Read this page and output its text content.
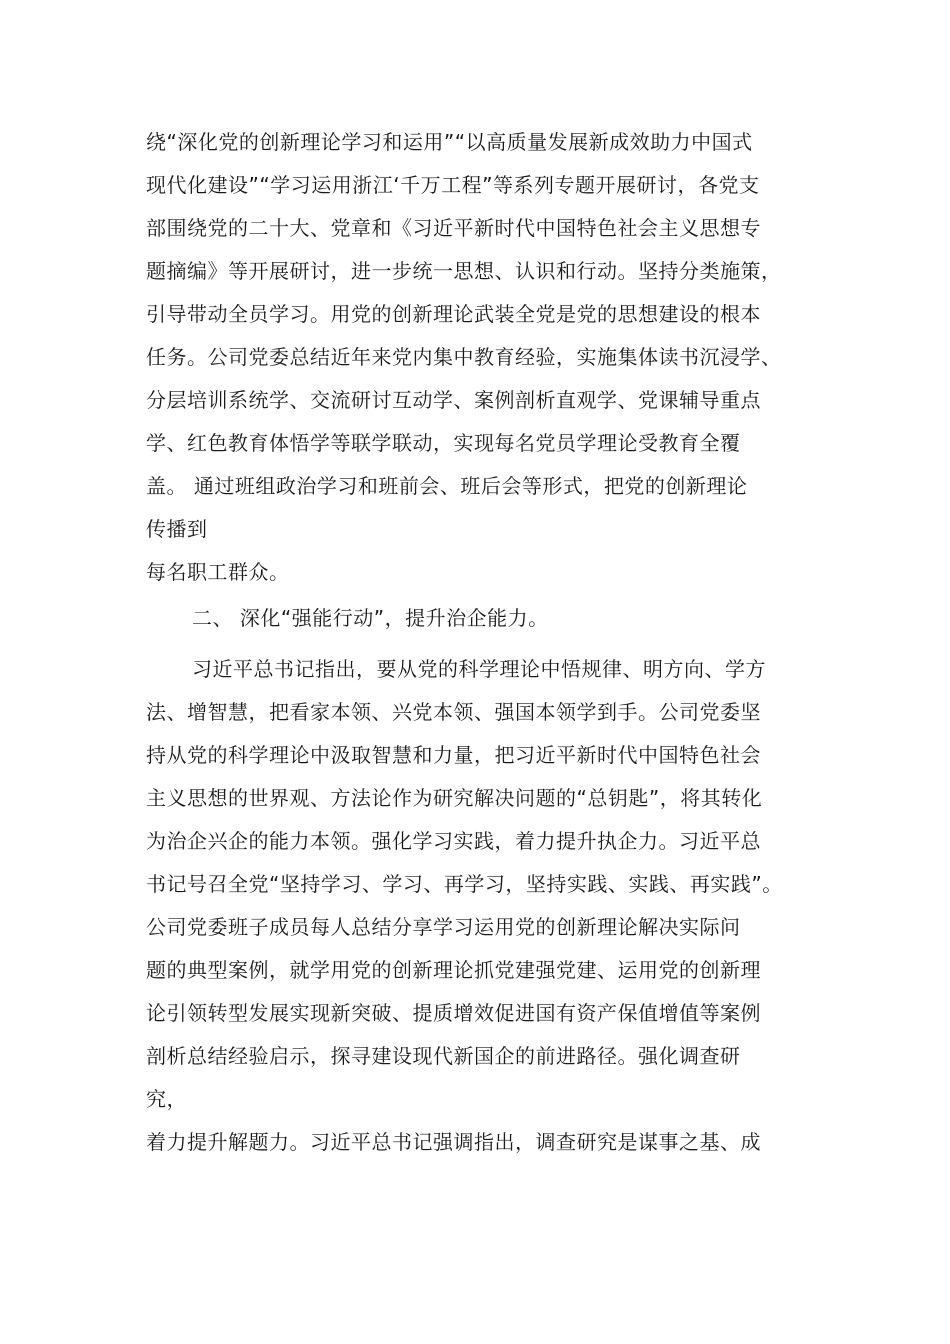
绕“深化党的创新理论学习和运用”“以高质量发展新成效助力中国式
现代化建设”“学习运用浙江‘千万工程”等系列专题开展研讨，各党支
部围绕党的二十大、党章和《习近平新时代中国特色社会主义思想专
题摘编》等开展研讨，进一步统一思想、认识和行动。坚持分类施策，
引导带动全员学习。用党的创新理论武装全党是党的思想建设的根本
任务。公司党委总结近年来党内集中教育经验，实施集体读书沉浸学、
分层培训系统学、交流研讨互动学、案例剖析直观学、党课辅导重点
学、红色教育体悟学等联学联动，实现每名党员学理论受教育全覆
盖。 通过班组政治学习和班前会、班后会等形式，把党的创新理论
传播到
每名职工群众。
二、 深化“强能行动”，提升治企能力。
习近平总书记指出，要从党的科学理论中悟规律、明方向、学方
法、增智慧，把看家本领、兴党本领、强国本领学到手。公司党委坚
持从党的科学理论中汲取智慧和力量，把习近平新时代中国特色社会
主义思想的世界观、方法论作为研究解决问题的“总钥匙”，将其转化
为治企兴企的能力本领。强化学习实践，着力提升执企力。习近平总
书记号召全党“坚持学习、学习、再学习，坚持实践、实践、再实践”。
公司党委班子成员每人总结分享学习运用党的创新理论解决实际问
题的典型案例，就学用党的创新理论抓党建强党建、运用党的创新理
论引领转型发展实现新突破、提质增效促进国有资产保值增值等案例
剖析总结经验启示，探寻建设现代新国企的前进路径。强化调查研
究，
着力提升解题力。习近平总书记强调指出，调查研究是谋事之基、成
